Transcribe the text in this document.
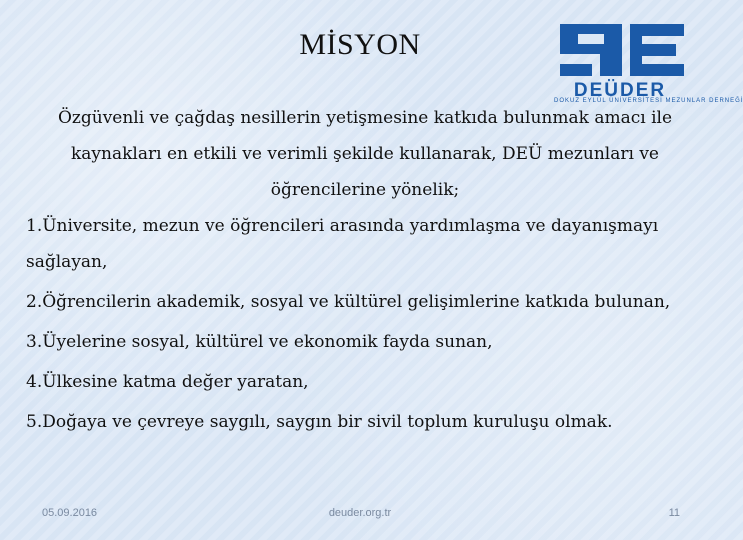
MİSYON
DEÜDER
DOKUZ EYLÜL ÜNİVERSİTESİ MEZUNLAR DERNEĞİ
Özgüvenli ve çağdaş nesillerin yetişmesine katkıda bulunmak amacı ile kaynakları en etkili ve verimli şekilde kullanarak, DEÜ mezunları ve öğrencilerine yönelik;
1.Üniversite, mezun ve öğrencileri arasında yardımlaşma ve dayanışmayı sağlayan,
2.Öğrencilerin akademik, sosyal ve kültürel gelişimlerine katkıda bulunan,
3.Üyelerine sosyal, kültürel ve ekonomik fayda sunan,
4.Ülkesine katma değer yaratan,
5.Doğaya ve çevreye saygılı, saygın bir sivil toplum kuruluşu olmak.
05.09.2016	deuder.org.tr	11
